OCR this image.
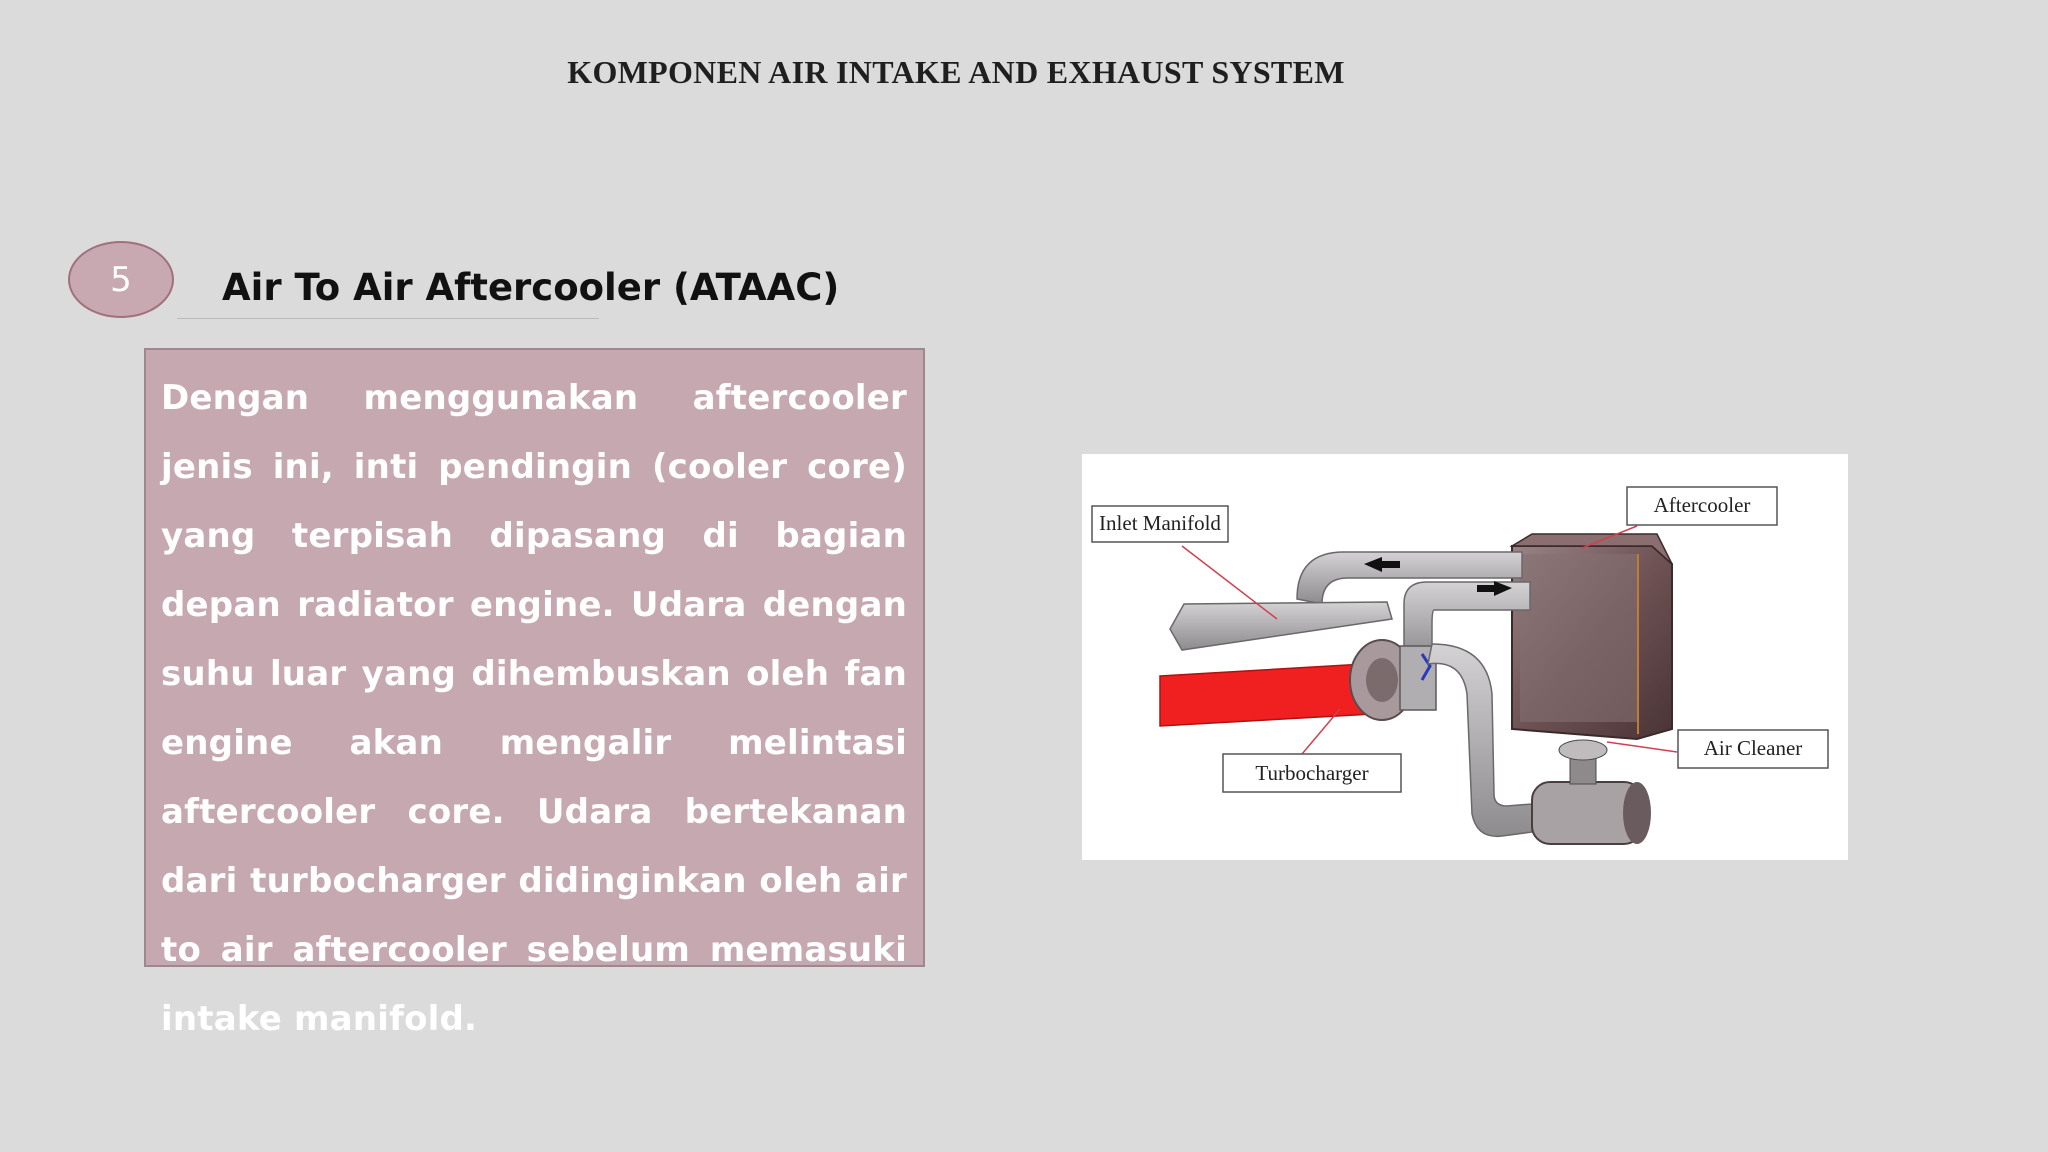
KOMPONEN AIR INTAKE AND EXHAUST SYSTEM
5 Air To Air Aftercooler (ATAAC)

Dengan menggunakan aftercooler jenis ini, inti pendingin (cooler core) yang terpisah dipasang di bagian depan radiator engine. Udara dengan suhu luar yang dihembuskan oleh fan engine akan mengalir melintasi aftercooler core. Udara bertekanan dari turbocharger didinginkan oleh air to air aftercooler sebelum memasuki intake manifold.

Inlet Manifold
Aftercooler
Air Cleaner
Turbocharger
